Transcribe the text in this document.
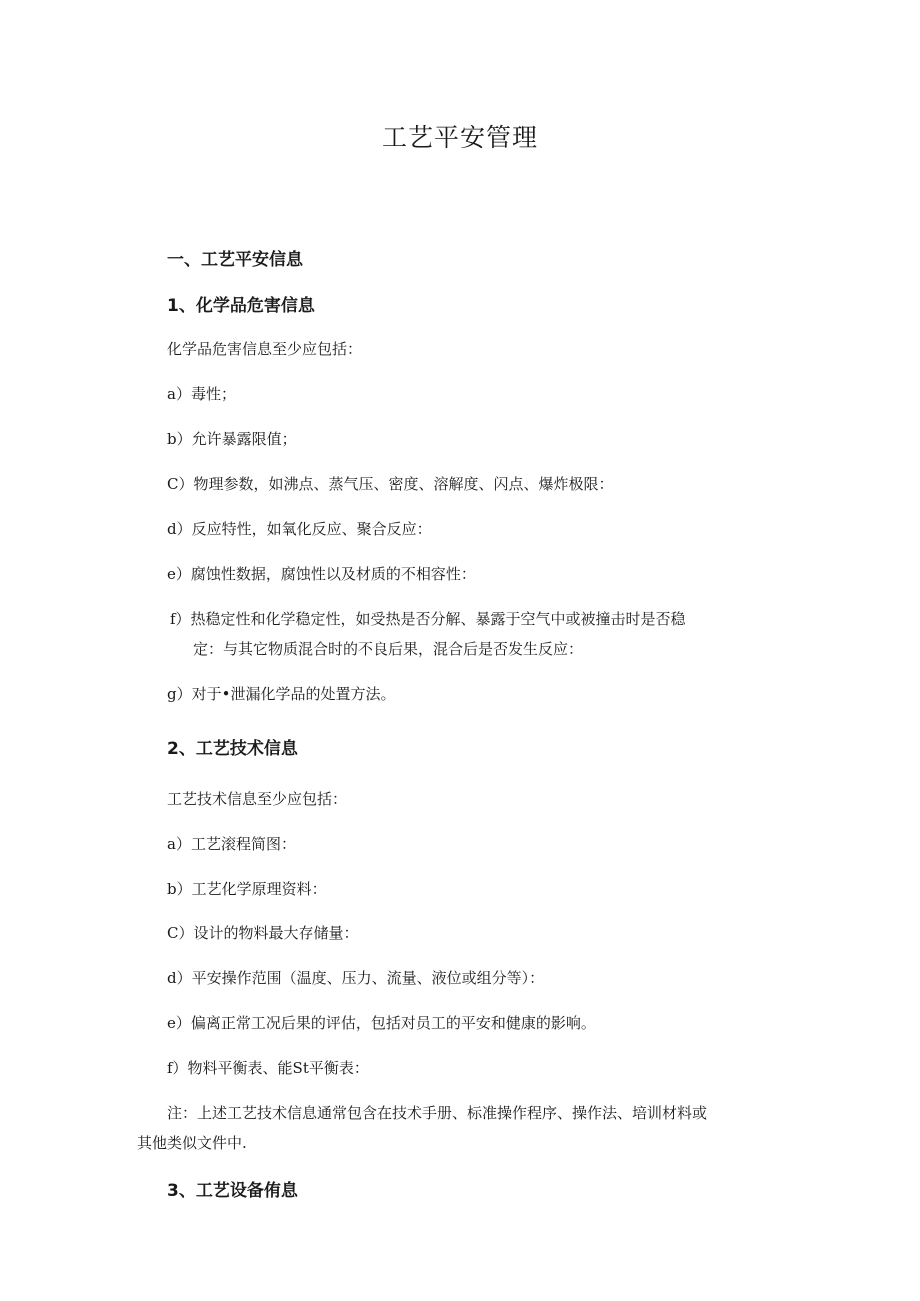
工艺平安管理
一、工艺平安信息
1、化学品危害信息
化学品危害信息至少应包括：
a）毒性；
b）允许暴露限值；
C）物理参数，如沸点、蒸气压、密度、溶解度、闪点、爆炸极限：
d）反应特性，如氧化反应、聚合反应：
e）腐蚀性数据，腐蚀性以及材质的不相容性：
f）热稳定性和化学稳定性，如受热是否分解、暴露于空气中或被撞击时是否稳
定：与其它物质混合时的不良后果，混合后是否发生反应：
g）对于•泄漏化学品的处置方法。
2、工艺技术信息
工艺技术信息至少应包括：
a）工艺滚程简图：
b）工艺化学原理资料：
C）设计的物料最大存储量：
d）平安操作范围（温度、压力、流量、液位或组分等）：
e）偏离正常工况后果的评估，包括对员工的平安和健康的影响。
f）物料平衡表、能St平衡表：
注：上述工艺技术信息通常包含在技术手册、标准操作程序、操作法、培训材料或
其他类似文件中.
3、工艺设备侑息
